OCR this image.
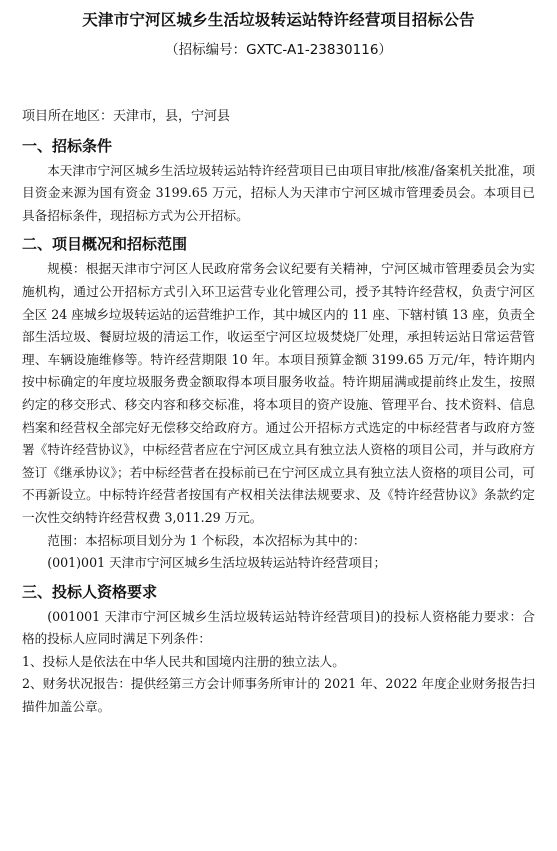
天津市宁河区城乡生活垃圾转运站特许经营项目招标公告
（招标编号：GXTC-A1-23830116）

项目所在地区：天津市，县，宁河县

一、招标条件

本天津市宁河区城乡生活垃圾转运站特许经营项目已由项目审批/核准/备案机关批准，项目资金来源为国有资金 3199.65 万元，招标人为天津市宁河区城市管理委员会。本项目已具备招标条件，现招标方式为公开招标。

二、项目概况和招标范围

规模：根据天津市宁河区人民政府常务会议纪要有关精神，宁河区城市管理委员会为实施机构，通过公开招标方式引入环卫运营专业化管理公司，授予其特许经营权，负责宁河区全区 24 座城乡垃圾转运站的运营维护工作，其中城区内的 11 座、下辖村镇 13 座，负责全部生活垃圾、餐厨垃圾的清运工作，收运至宁河区垃圾焚烧厂处理，承担转运站日常运营管理、车辆设施维修等。特许经营期限 10 年。本项目预算金额 3199.65 万元/年，特许期内按中标确定的年度垃圾服务费金额取得本项目服务收益。特许期届满或提前终止发生，按照约定的移交形式、移交内容和移交标准，将本项目的资产设施、管理平台、技术资料、信息档案和经营权全部完好无偿移交给政府方。通过公开招标方式选定的中标经营者与政府方签署《特许经营协议》，中标经营者应在宁河区成立具有独立法人资格的项目公司，并与政府方签订《继承协议》；若中标经营者在投标前已在宁河区成立具有独立法人资格的项目公司，可不再新设立。中标特许经营者按国有产权相关法律法规要求、及《特许经营协议》条款约定一次性交纳特许经营权费 3,011.29 万元。

范围：本招标项目划分为 1 个标段，本次招标为其中的：

(001)001 天津市宁河区城乡生活垃圾转运站特许经营项目；

三、投标人资格要求

(001001 天津市宁河区城乡生活垃圾转运站特许经营项目)的投标人资格能力要求：合格的投标人应同时满足下列条件：

1、投标人是依法在中华人民共和国境内注册的独立法人。

2、财务状况报告：提供经第三方会计师事务所审计的 2021 年、2022 年度企业财务报告扫描件加盖公章。
